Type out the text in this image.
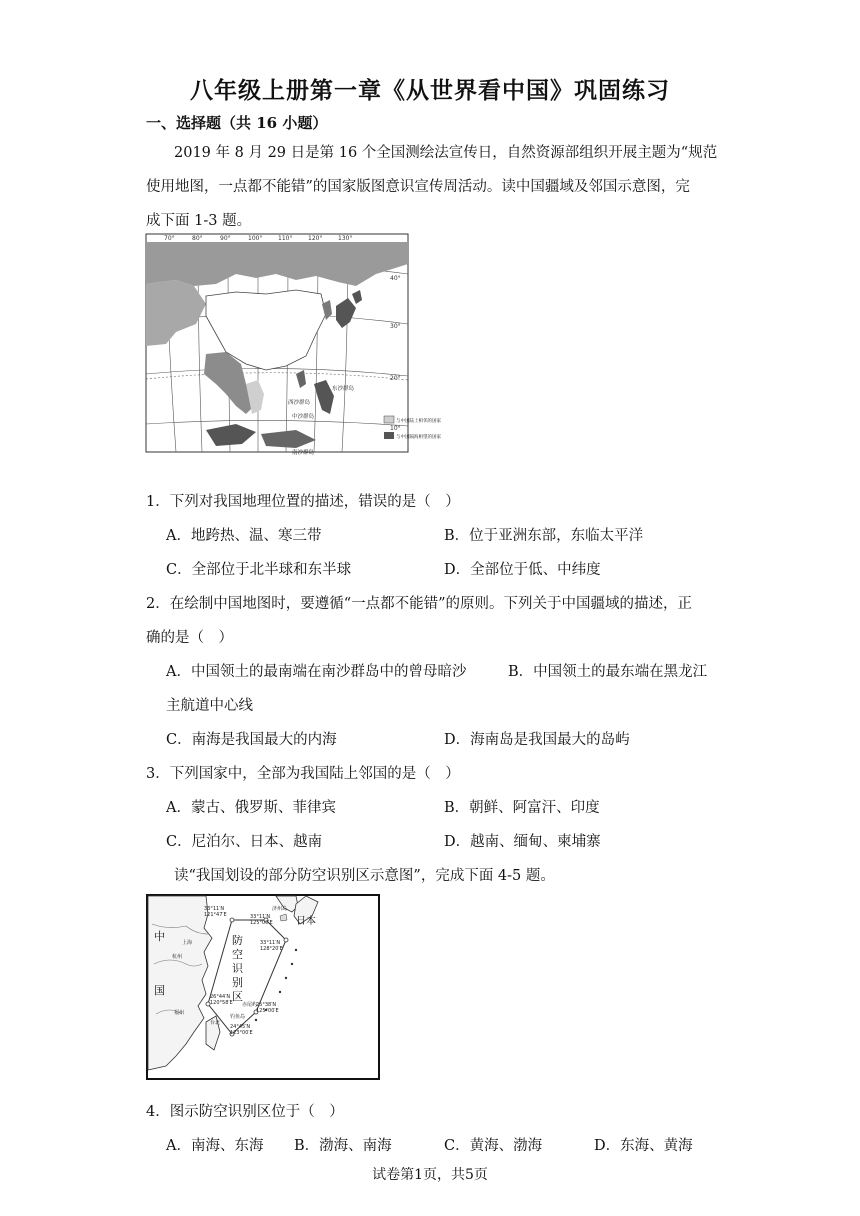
八年级上册第一章《从世界看中国》巩固练习
一、选择题（共 16 小题）
2019 年 8 月 29 日是第 16 个全国测绘法宣传日，自然资源部组织开展主题为“规范
使用地图，一点都不能错”的国家版图意识宣传周活动。读中国疆域及邻国示意图，完
成下面 1-3 题。
70°	80°	90°	100°	110°	120°	130°
40°
30°
20°
10°
东沙群岛
西沙群岛
中沙群岛
南沙群岛
与中国陆上相邻的国家
与中国隔海相望的国家
1．下列对我国地理位置的描述，错误的是（　）
A．地跨热、温、寒三带	B．位于亚洲东部，东临太平洋
C．全部位于北半球和东半球	D．全部位于低、中纬度
2．在绘制中国地图时，要遵循“一点都不能错”的原则。下列关于中国疆域的描述，正
确的是（　）
A．中国领土的最南端在南沙群岛中的曾母暗沙	B．中国领土的最东端在黑龙江
主航道中心线
C．南海是我国最大的内海	D．海南岛是我国最大的岛屿
3．下列国家中，全部为我国陆上邻国的是（　）
A．蒙古、俄罗斯、菲律宾	B．朝鲜、阿富汗、印度
C．尼泊尔、日本、越南	D．越南、缅甸、柬埔寨
读“我国划设的部分防空识别区示意图”，完成下面 4-5 题。
中
国
防
空
识
别
区
日本
上海
杭州
福州
台北
济州岛
钓鱼岛
赤尾屿
33°11′N
121°47′E	33°11′N
125°00′E
33°11′N
128°20′E
26°44′N
120°58′E	25°38′N
125°00′E
24°45′N
123°00′E
4．图示防空识别区位于（　）
A．南海、东海 B．渤海、南海	C．黄海、渤海	D．东海、黄海
试卷第1页，共5页
